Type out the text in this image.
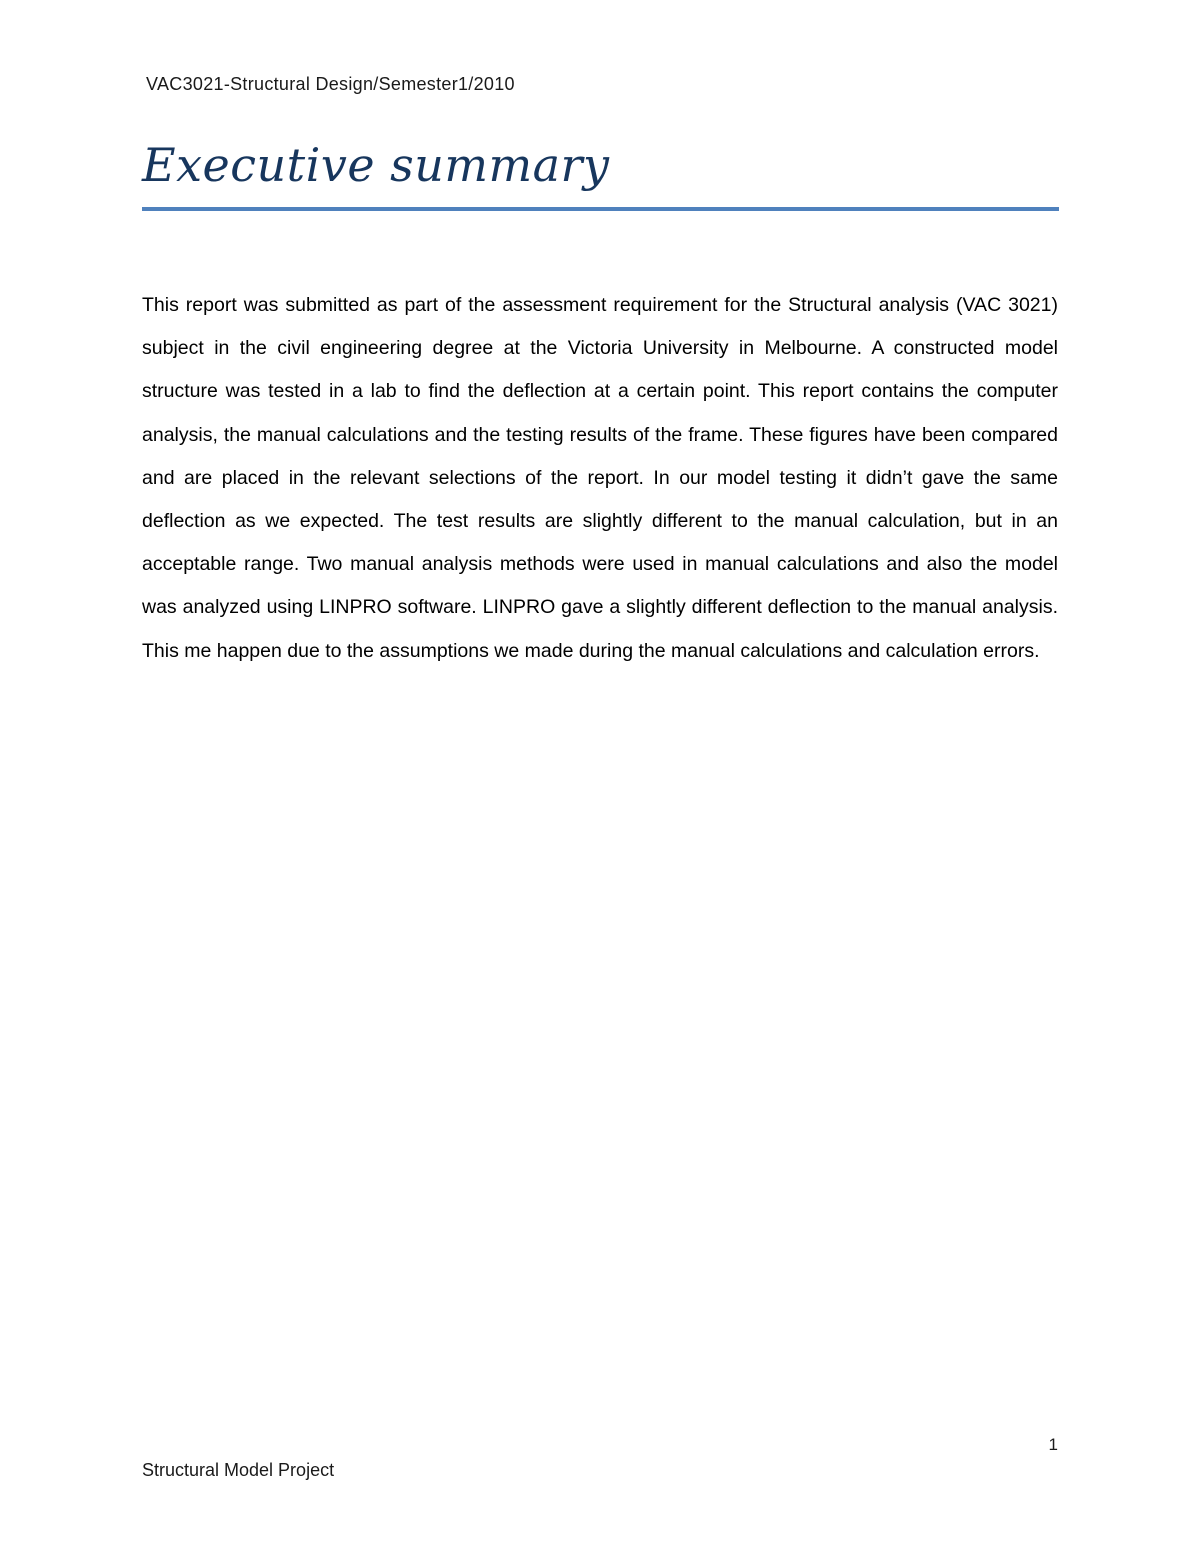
VAC3021-Structural Design/Semester1/2010
Executive summary

This report was submitted as part of the assessment requirement for the Structural analysis (VAC 3021) subject in the civil engineering degree at the Victoria University in Melbourne. A constructed model structure was tested in a lab to find the deflection at a certain point. This report contains the computer analysis, the manual calculations and the testing results of the frame. These figures have been compared and are placed in the relevant selections of the report. In our model testing it didn’t gave the same deflection as we expected. The test results are slightly different to the manual calculation, but in an acceptable range. Two manual analysis methods were used in manual calculations and also the model was analyzed using LINPRO software. LINPRO gave a slightly different deflection to the manual analysis. This me happen due to the assumptions we made during the manual calculations and calculation errors.

1
Structural Model Project
